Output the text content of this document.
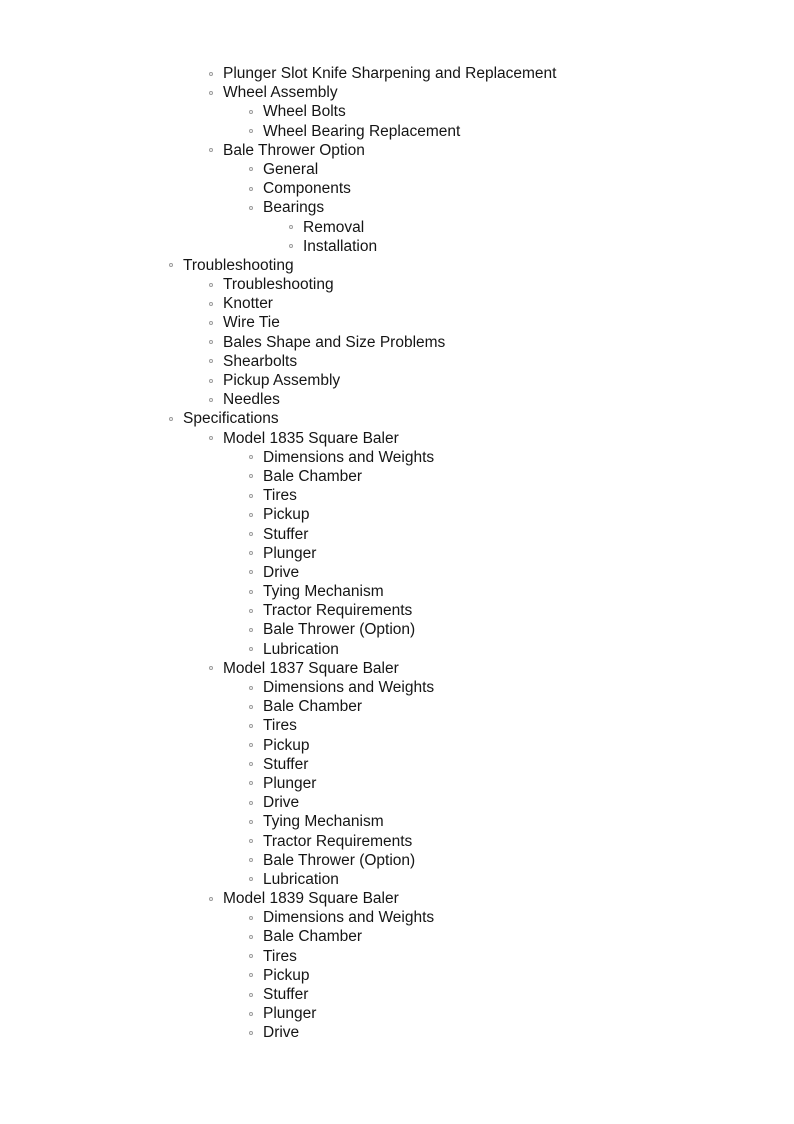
Plunger Slot Knife Sharpening and Replacement
Wheel Assembly
Wheel Bolts
Wheel Bearing Replacement
Bale Thrower Option
General
Components
Bearings
Removal
Installation
Troubleshooting
Troubleshooting
Knotter
Wire Tie
Bales Shape and Size Problems
Shearbolts
Pickup Assembly
Needles
Specifications
Model 1835 Square Baler
Dimensions and Weights
Bale Chamber
Tires
Pickup
Stuffer
Plunger
Drive
Tying Mechanism
Tractor Requirements
Bale Thrower (Option)
Lubrication
Model 1837 Square Baler
Dimensions and Weights
Bale Chamber
Tires
Pickup
Stuffer
Plunger
Drive
Tying Mechanism
Tractor Requirements
Bale Thrower (Option)
Lubrication
Model 1839 Square Baler
Dimensions and Weights
Bale Chamber
Tires
Pickup
Stuffer
Plunger
Drive
